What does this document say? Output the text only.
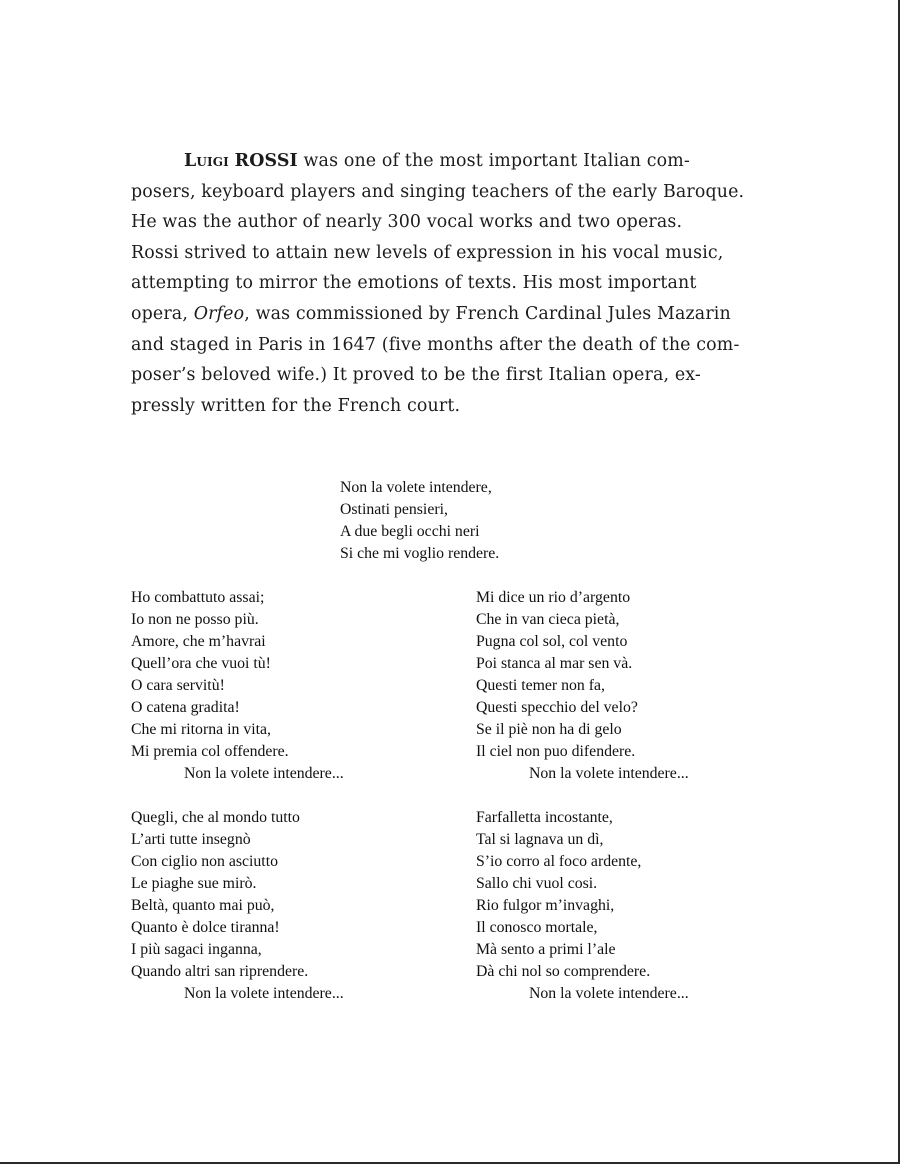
Luigi ROSSI was one of the most important Italian com-
posers, keyboard players and singing teachers of the early Baroque.
He was the author of nearly 300 vocal works and two operas.
Rossi strived to attain new levels of expression in his vocal music,
attempting to mirror the emotions of texts. His most important
opera, Orfeo, was commissioned by French Cardinal Jules Mazarin
and staged in Paris in 1647 (five months after the death of the com-
poser’s beloved wife.) It proved to be the first Italian opera, ex-
pressly written for the French court.
Non la volete intendere,
Ostinati pensieri,
A due begli occhi neri
Si che mi voglio rendere.
Ho combattuto assai;
Io non ne posso più.
Amore, che m’havrai
Quell’ora che vuoi tù!
O cara servitù!
O catena gradita!
Che mi ritorna in vita,
Mi premia col offendere.
Non la volete intendere...
Mi dice un rio d’argento
Che in van cieca pietà,
Pugna col sol, col vento
Poi stanca al mar sen và.
Questi temer non fa,
Questi specchio del velo?
Se il piè non ha di gelo
Il ciel non puo difendere.
Non la volete intendere...
Quegli, che al mondo tutto
L’arti tutte insegnò
Con ciglio non asciutto
Le piaghe sue mirò.
Beltà, quanto mai può,
Quanto è dolce tiranna!
I più sagaci inganna,
Quando altri san riprendere.
Non la volete intendere...
Farfalletta incostante,
Tal si lagnava un dì,
S’io corro al foco ardente,
Sallo chi vuol cosi.
Rio fulgor m’invaghi,
Il conosco mortale,
Mà sento a primi l’ale
Dà chi nol so comprendere.
Non la volete intendere...
